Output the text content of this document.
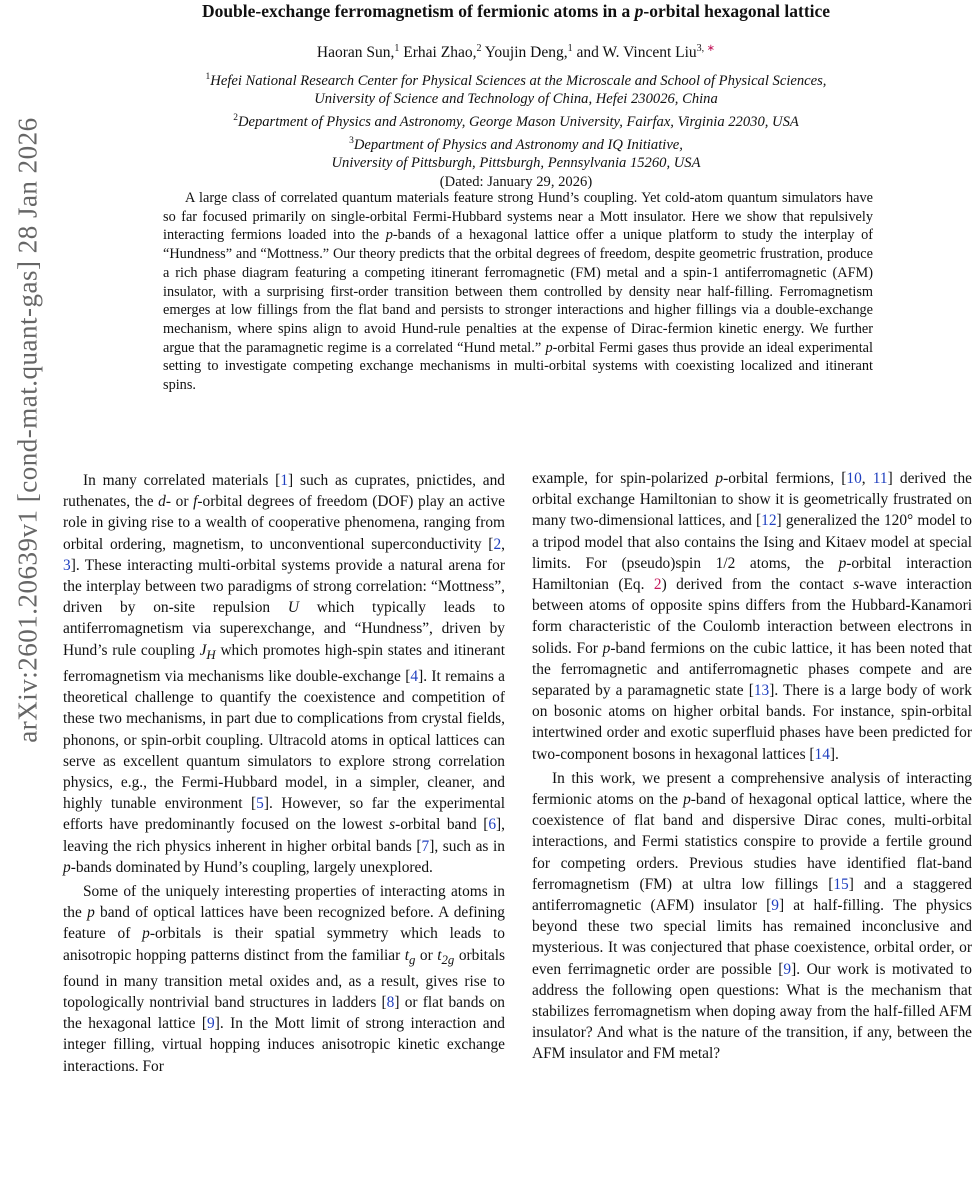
arXiv:2601.20639v1 [cond-mat.quant-gas] 28 Jan 2026
Double-exchange ferromagnetism of fermionic atoms in a p-orbital hexagonal lattice
Haoran Sun,$^1$ Erhai Zhao,$^2$ Youjin Deng,$^1$ and W. Vincent Liu$^{3, ∗}$
$^1$Hefei National Research Center for Physical Sciences at the Microscale and School of Physical Sciences,
University of Science and Technology of China, Hefei 230026, China
$^2$Department of Physics and Astronomy, George Mason University, Fairfax, Virginia 22030, USA
$^3$Department of Physics and Astronomy and IQ Initiative,
University of Pittsburgh, Pittsburgh, Pennsylvania 15260, USA
(Dated: January 29, 2026)

A large class of correlated quantum materials feature strong Hund’s coupling. Yet cold-atom quantum simulators have so far focused primarily on single-orbital Fermi-Hubbard systems near a Mott insulator. Here we show that repulsively interacting fermions loaded into the p-bands of a hexagonal lattice offer a unique platform to study the interplay of “Hundness” and “Mottness.” Our theory predicts that the orbital degrees of freedom, despite geometric frustration, produce a rich phase diagram featuring a competing itinerant ferromagnetic (FM) metal and a spin-1 antiferromagnetic (AFM) insulator, with a surprising first-order transition between them controlled by density near half-filling. Ferromagnetism emerges at low fillings from the flat band and persists to stronger interactions and higher fillings via a double-exchange mechanism, where spins align to avoid Hund-rule penalties at the expense of Dirac-fermion kinetic energy. We further argue that the paramagnetic regime is a correlated “Hund metal.” p-orbital Fermi gases thus provide an ideal experimental setting to investigate competing exchange mechanisms in multi-orbital systems with coexisting localized and itinerant spins.

In many correlated materials [1] such as cuprates, pnictides, and ruthenates, the d- or f-orbital degrees of freedom (DOF) play an active role in giving rise to a wealth of cooperative phenomena, ranging from orbital ordering, magnetism, to unconventional superconductivity [2, 3]. These interacting multi-orbital systems provide a natural arena for the interplay between two paradigms of strong correlation: “Mottness”, driven by on-site repulsion U which typically leads to antiferromagnetism via superexchange, and “Hundness”, driven by Hund’s rule coupling $J_H$ which promotes high-spin states and itinerant ferromagnetism via mechanisms like double-exchange [4]. It remains a theoretical challenge to quantify the coexistence and competition of these two mechanisms, in part due to complications from crystal fields, phonons, or spin-orbit coupling. Ultracold atoms in optical lattices can serve as excellent quantum simulators to explore strong correlation physics, e.g., the Fermi-Hubbard model, in a simpler, cleaner, and highly tunable environment [5]. However, so far the experimental efforts have predominantly focused on the lowest s-orbital band [6], leaving the rich physics inherent in higher orbital bands [7], such as in p-bands dominated by Hund’s coupling, largely unexplored.

Some of the uniquely interesting properties of interacting atoms in the p band of optical lattices have been recognized before. A defining feature of p-orbitals is their spatial symmetry which leads to anisotropic hopping patterns distinct from the familiar $t_g$ or $t_{2g}$ orbitals found in many transition metal oxides and, as a result, gives rise to topologically nontrivial band structures in ladders [8] or flat bands on the hexagonal lattice [9]. In the Mott limit of strong interaction and integer filling, virtual hopping induces anisotropic kinetic exchange interactions. For

example, for spin-polarized p-orbital fermions, [10, 11] derived the orbital exchange Hamiltonian to show it is geometrically frustrated on many two-dimensional lattices, and [12] generalized the 120° model to a tripod model that also contains the Ising and Kitaev model at special limits. For (pseudo)spin 1/2 atoms, the p-orbital interaction Hamiltonian (Eq. 2) derived from the contact s-wave interaction between atoms of opposite spins differs from the Hubbard-Kanamori form characteristic of the Coulomb interaction between electrons in solids. For p-band fermions on the cubic lattice, it has been noted that the ferromagnetic and antiferromagnetic phases compete and are separated by a paramagnetic state [13]. There is a large body of work on bosonic atoms on higher orbital bands. For instance, spin-orbital intertwined order and exotic superfluid phases have been predicted for two-component bosons in hexagonal lattices [14].

In this work, we present a comprehensive analysis of interacting fermionic atoms on the p-band of hexagonal optical lattice, where the coexistence of flat band and dispersive Dirac cones, multi-orbital interactions, and Fermi statistics conspire to provide a fertile ground for competing orders. Previous studies have identified flat-band ferromagnetism (FM) at ultra low fillings [15] and a staggered antiferromagnetic (AFM) insulator [9] at half-filling. The physics beyond these two special limits has remained inconclusive and mysterious. It was conjectured that phase coexistence, orbital order, or even ferrimagnetic order are possible [9]. Our work is motivated to address the following open questions: What is the mechanism that stabilizes ferromagnetism when doping away from the half-filled AFM insulator? And what is the nature of the transition, if any, between the AFM insulator and FM metal?
